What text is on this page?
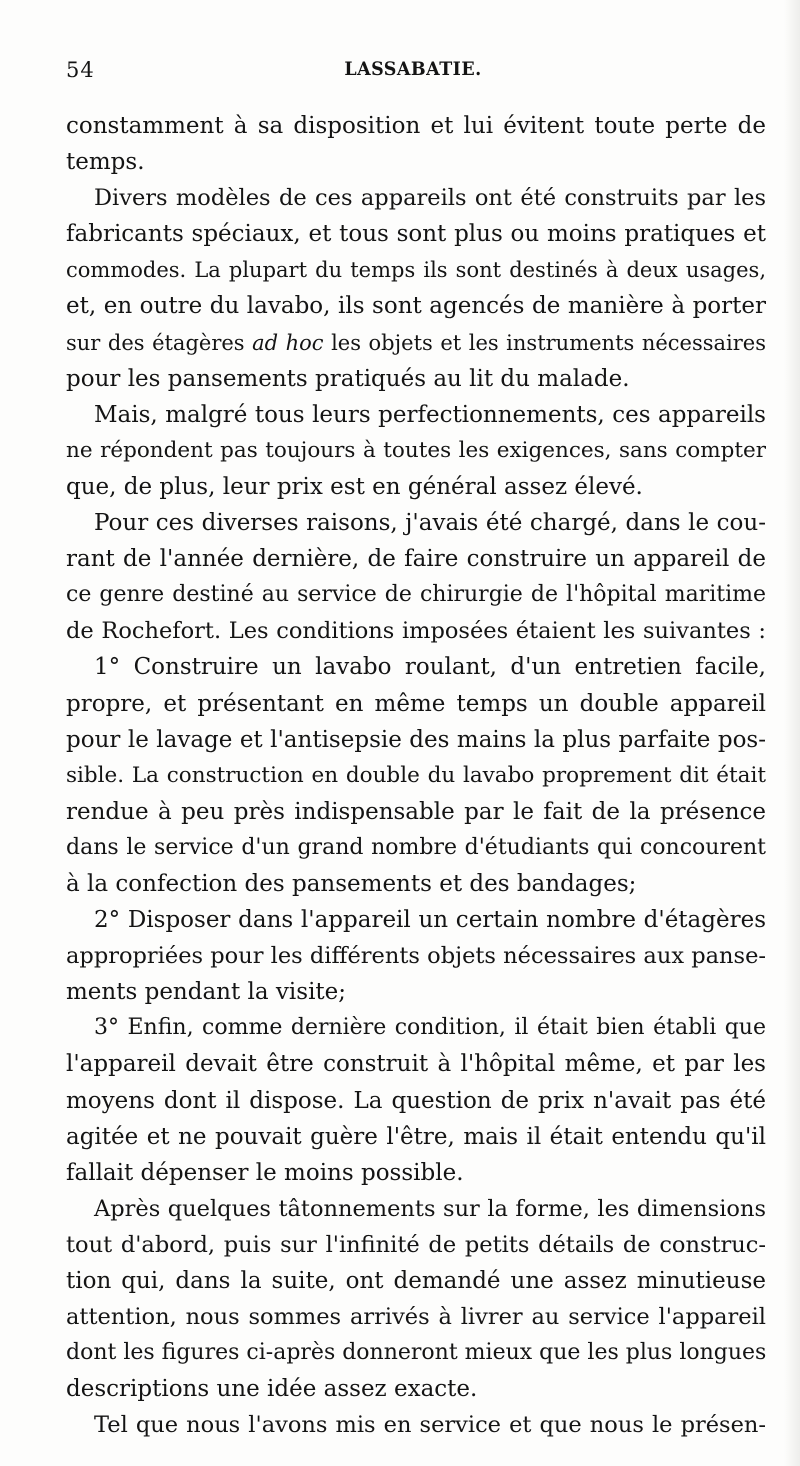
54	LASSABATIE.
constamment à sa disposition et lui évitent toute perte de
temps.
Divers modèles de ces appareils ont été construits par les
fabricants spéciaux, et tous sont plus ou moins pratiques et
commodes. La plupart du temps ils sont destinés à deux usages,
et, en outre du lavabo, ils sont agencés de manière à porter
sur des étagères ad hoc les objets et les instruments nécessaires
pour les pansements pratiqués au lit du malade.
Mais, malgré tous leurs perfectionnements, ces appareils
ne répondent pas toujours à toutes les exigences, sans compter
que, de plus, leur prix est en général assez élevé.
Pour ces diverses raisons, j'avais été chargé, dans le cou-
rant de l'année dernière, de faire construire un appareil de
ce genre destiné au service de chirurgie de l'hôpital maritime
de Rochefort. Les conditions imposées étaient les suivantes :
1° Construire un lavabo roulant, d'un entretien facile,
propre, et présentant en même temps un double appareil
pour le lavage et l'antisepsie des mains la plus parfaite pos-
sible. La construction en double du lavabo proprement dit était
rendue à peu près indispensable par le fait de la présence
dans le service d'un grand nombre d'étudiants qui concourent
à la confection des pansements et des bandages;
2° Disposer dans l'appareil un certain nombre d'étagères
appropriées pour les différents objets nécessaires aux panse-
ments pendant la visite;
3° Enfin, comme dernière condition, il était bien établi que
l'appareil devait être construit à l'hôpital même, et par les
moyens dont il dispose. La question de prix n'avait pas été
agitée et ne pouvait guère l'être, mais il était entendu qu'il
fallait dépenser le moins possible.
Après quelques tâtonnements sur la forme, les dimensions
tout d'abord, puis sur l'infinité de petits détails de construc-
tion qui, dans la suite, ont demandé une assez minutieuse
attention, nous sommes arrivés à livrer au service l'appareil
dont les figures ci-après donneront mieux que les plus longues
descriptions une idée assez exacte.
Tel que nous l'avons mis en service et que nous le présen-
